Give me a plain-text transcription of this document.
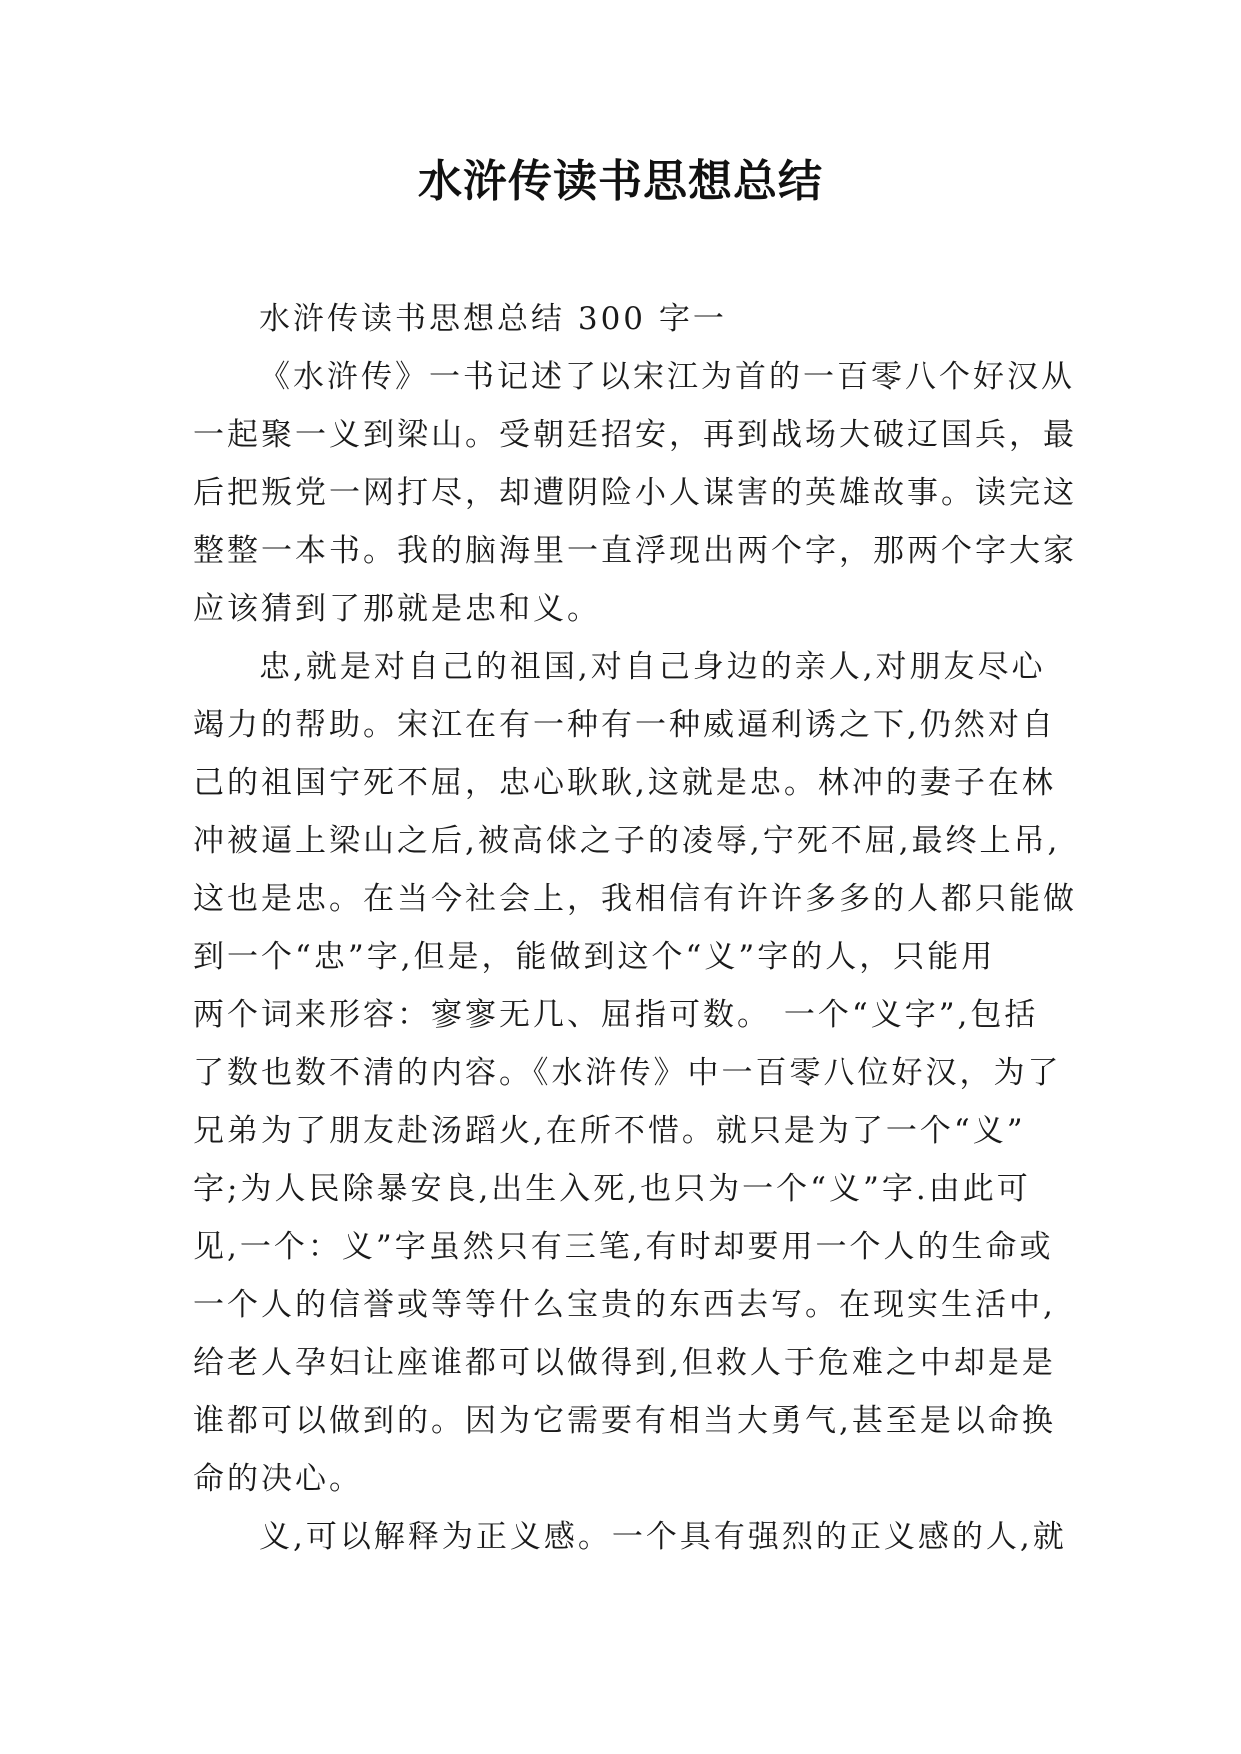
水浒传读书思想总结
水浒传读书思想总结 300 字一
《水浒传》一书记述了以宋江为首的一百零八个好汉从
一起聚一义到梁山。受朝廷招安，再到战场大破辽国兵，最
后把叛党一网打尽，却遭阴险小人谋害的英雄故事。读完这
整整一本书。我的脑海里一直浮现出两个字，那两个字大家
应该猜到了那就是忠和义。
忠,就是对自己的祖国,对自己身边的亲人,对朋友尽心
竭力的帮助。宋江在有一种有一种威逼利诱之下,仍然对自
己的祖国宁死不屈，忠心耿耿,这就是忠。林冲的妻子在林
冲被逼上梁山之后,被高俅之子的凌辱,宁死不屈,最终上吊,
这也是忠。在当今社会上，我相信有许许多多的人都只能做
到一个“忠”字,但是，能做到这个“义”字的人，只能用
两个词来形容：寥寥无几、屈指可数。 一个“义字”,包括
了数也数不清的内容。《水浒传》中一百零八位好汉，为了
兄弟为了朋友赴汤蹈火,在所不惜。就只是为了一个“义”
字;为人民除暴安良,出生入死,也只为一个“义”字.由此可
见,一个：义”字虽然只有三笔,有时却要用一个人的生命或
一个人的信誉或等等什么宝贵的东西去写。在现实生活中,
给老人孕妇让座谁都可以做得到,但救人于危难之中却是是
谁都可以做到的。因为它需要有相当大勇气,甚至是以命换
命的决心。
义,可以解释为正义感。一个具有强烈的正义感的人,就
